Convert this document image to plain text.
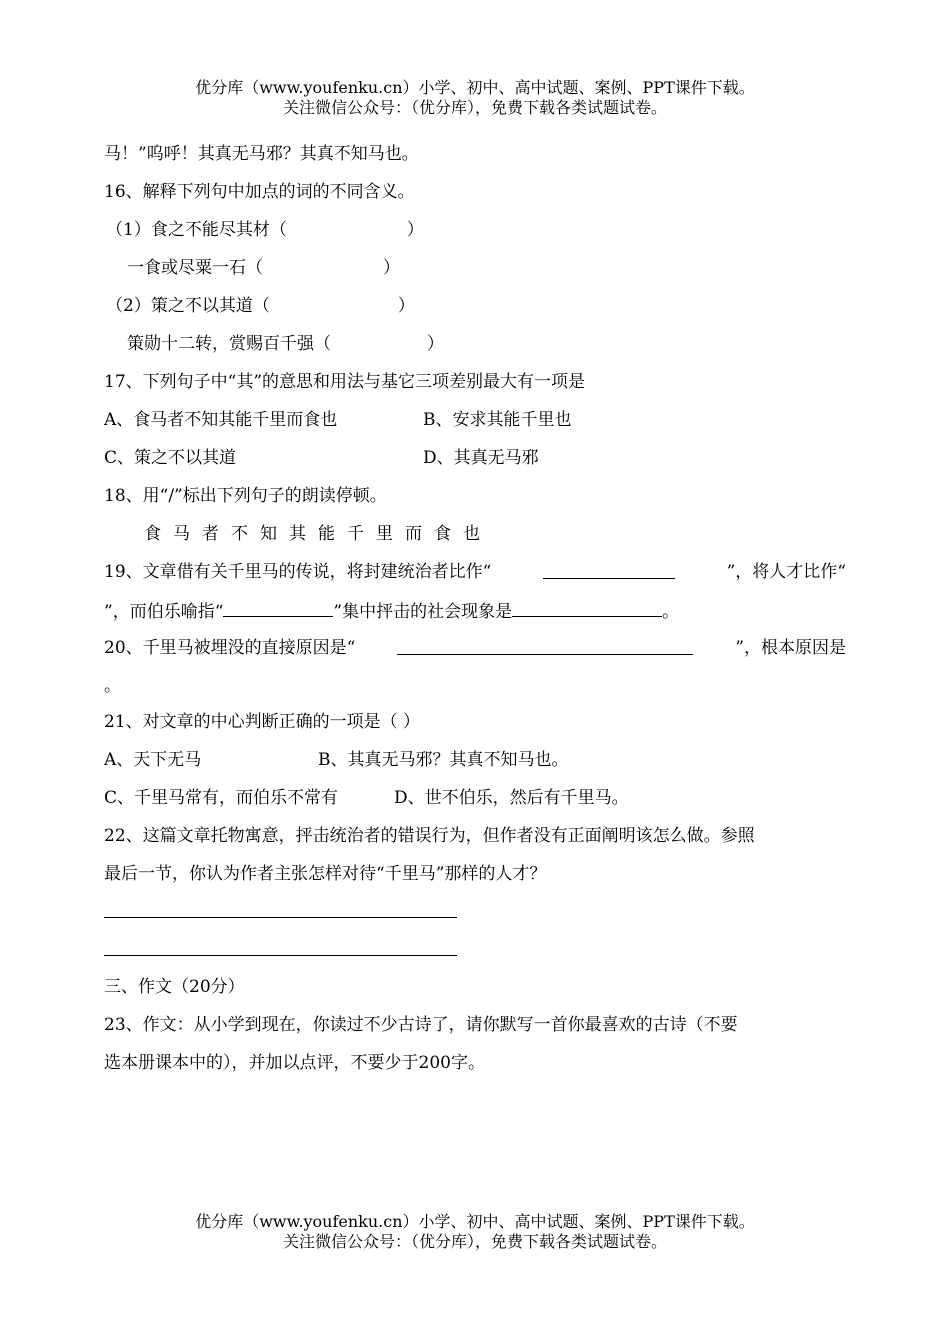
优分库（www.youfenku.cn）小学、初中、高中试题、案例、PPT课件下载。
关注微信公众号：（优分库），免费下载各类试题试卷。
马！”呜呼！其真无马邪？其真不知马也。
16、解释下列句中加点的词的不同含义。
（1）食之不能尽其材（	）
一食或尽粟一石（	）
（2）策之不以其道（	）
策勋十二转，赏赐百千强（	）
17、下列句子中“其”的意思和用法与基它三项差别最大有一项是
A、食马者不知其能千里而食也	B、安求其能千里也
C、策之不以其道	D、其真无马邪
18、用“/”标出下列句子的朗读停顿。
食马者不知其能千里而食也
19、文章借有关千里马的传说，将封建统治者比作“	”，将人才比作“
”，而伯乐喻指“	”集中抨击的社会现象是	。
20、千里马被埋没的直接原因是“	”，根本原因是
。
21、对文章的中心判断正确的一项是（ ）
A、天下无马	B、其真无马邪？其真不知马也。
C、千里马常有，而伯乐不常有	D、世不伯乐，然后有千里马。
22、这篇文章托物寓意，抨击统治者的错误行为，但作者没有正面阐明该怎么做。参照
最后一节，你认为作者主张怎样对待“千里马”那样的人才？
三、作文（20分）
23、作文：从小学到现在，你读过不少古诗了，请你默写一首你最喜欢的古诗（不要
选本册课本中的），并加以点评，不要少于200字。
优分库（www.youfenku.cn）小学、初中、高中试题、案例、PPT课件下载。
关注微信公众号：（优分库），免费下载各类试题试卷。
